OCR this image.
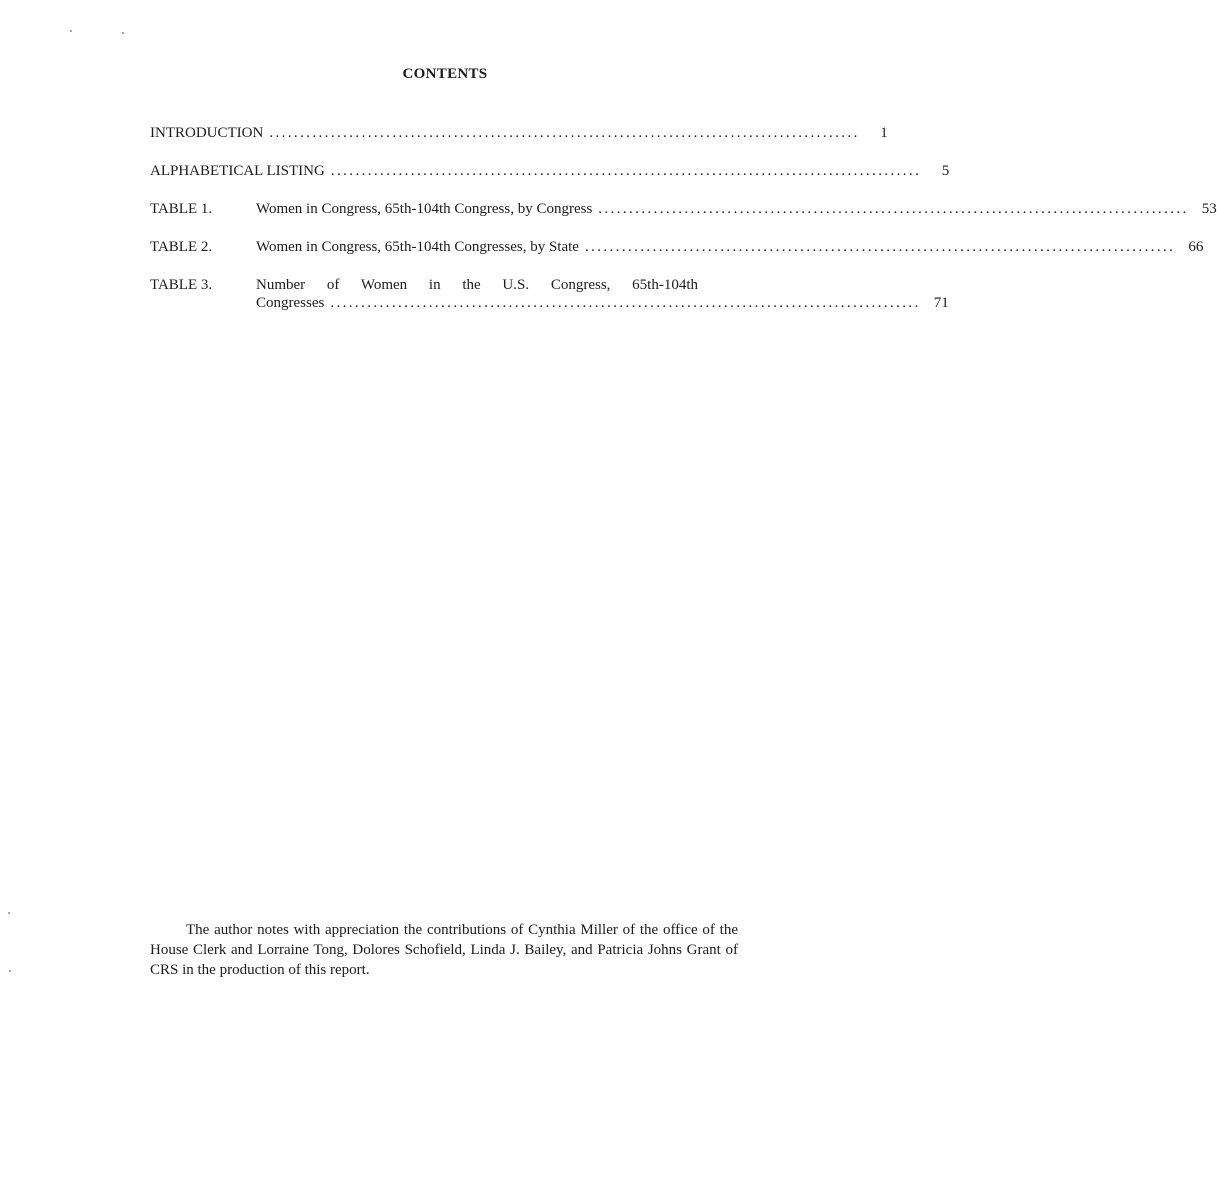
CONTENTS
INTRODUCTION ................................................................................................	1
ALPHABETICAL LISTING ................................................................................................	5
TABLE 1.	Women in Congress, 65th-104th Congress, by Congress ................................................................................................ 53
TABLE 2.	Women in Congress, 65th-104th Congresses, by State ................................................................................................ 66
TABLE 3.	Number of Women in the U.S. Congress, 65th-104th
Congresses ................................................................................................ 71

The author notes with appreciation the contributions of Cynthia Miller of the office of the House Clerk and Lorraine Tong, Dolores Schofield, Linda J. Bailey, and Patricia Johns Grant of CRS in the production of this report.
